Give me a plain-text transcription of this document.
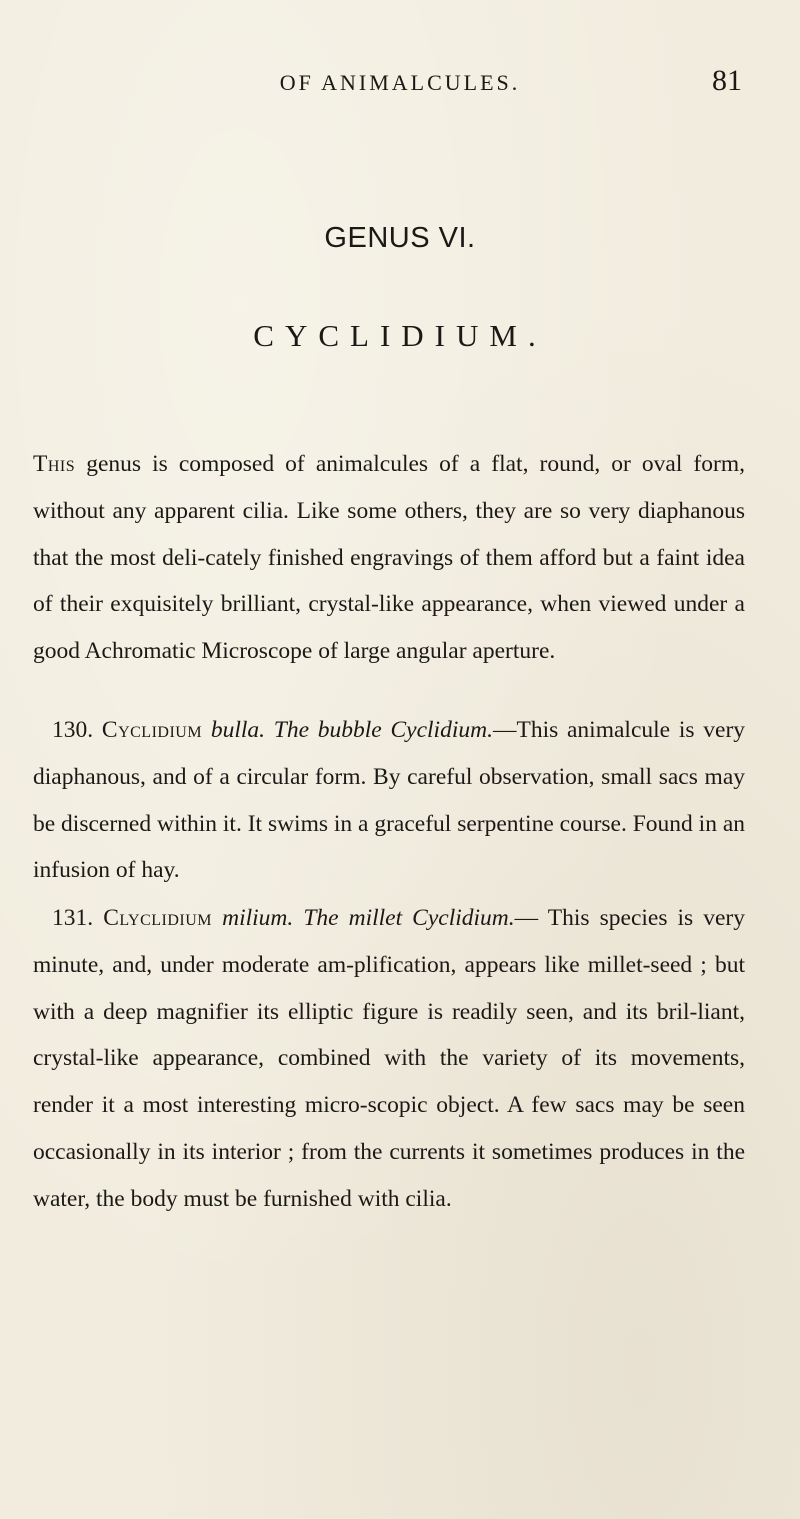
OF ANIMALCULES.	81
GENUS VI.
CYCLIDIUM.

This genus is composed of animalcules of a flat, round, or oval form, without any apparent cilia. Like some others, they are so very diaphanous that the most deli-cately finished engravings of them afford but a faint idea of their exquisitely brilliant, crystal-like appearance, when viewed under a good Achromatic Microscope of large angular aperture.

130. Cyclidium bulla. The bubble Cyclidium.—This animalcule is very diaphanous, and of a circular form. By careful observation, small sacs may be discerned within it. It swims in a graceful serpentine course. Found in an infusion of hay.

131. Clyclidium milium. The millet Cyclidium.— This species is very minute, and, under moderate am-plification, appears like millet-seed ; but with a deep magnifier its elliptic figure is readily seen, and its bril-liant, crystal-like appearance, combined with the variety of its movements, render it a most interesting micro-scopic object. A few sacs may be seen occasionally in its interior ; from the currents it sometimes produces in the water, the body must be furnished with cilia.
